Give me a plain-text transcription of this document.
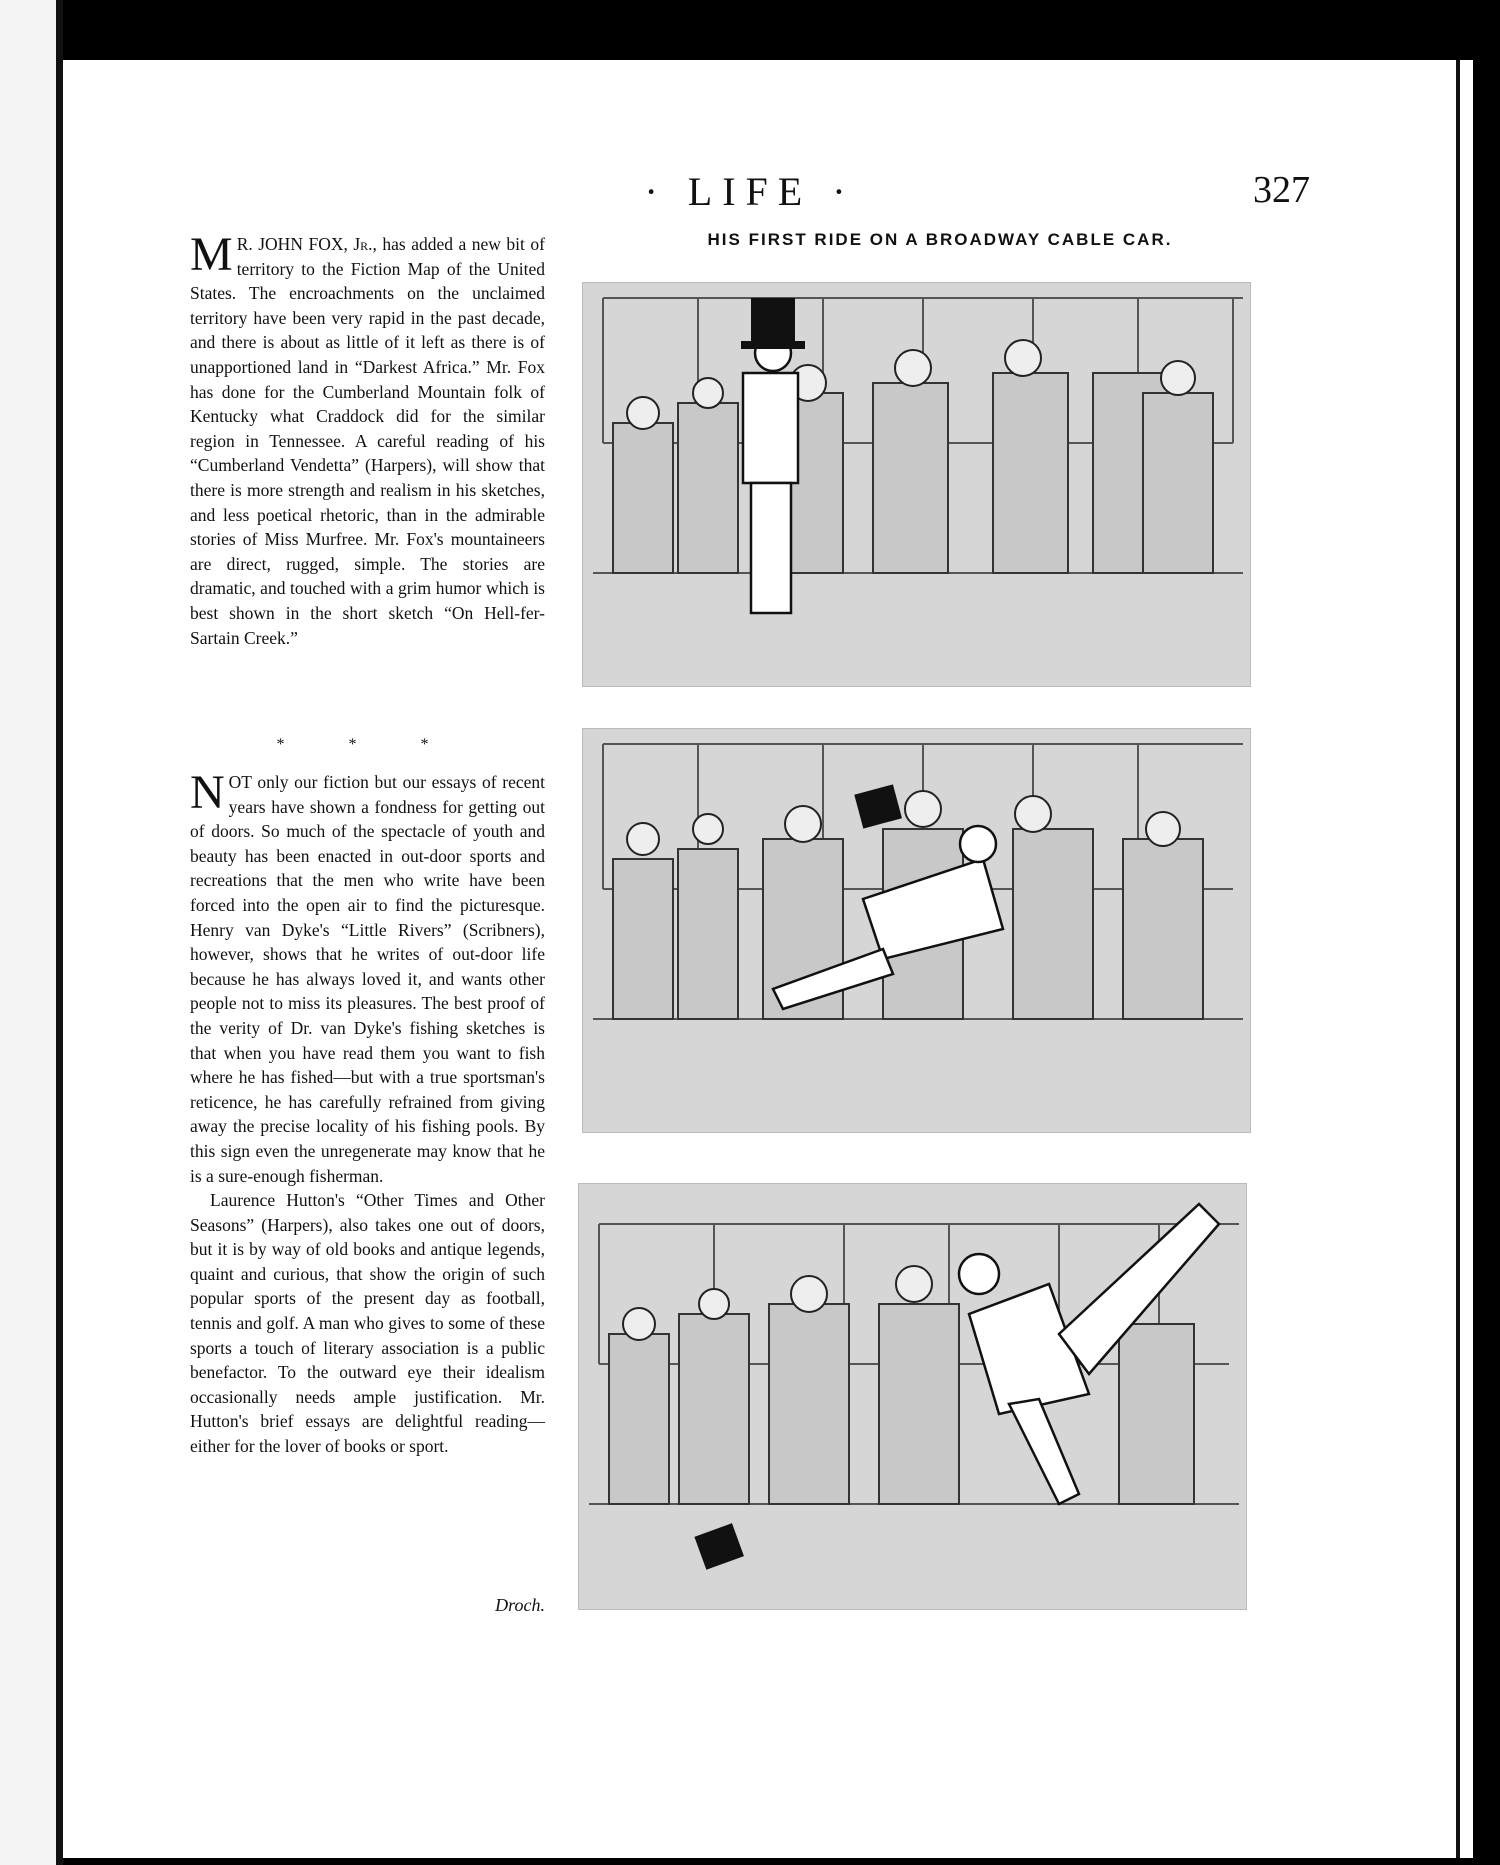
· LIFE ·	327
HIS FIRST RIDE ON A BROADWAY CABLE CAR.

M R. JOHN FOX, Jr., has added a new bit of territory to the Fiction Map of the United States. The encroachments on the unclaimed territory have been very rapid in the past decade, and there is about as little of it left as there is of unapportioned land in “Darkest Africa.” Mr. Fox has done for the Cumberland Mountain folk of Kentucky what Craddock did for the similar region in Tennessee. A careful reading of his “Cumberland Vendetta” (Harpers), will show that there is more strength and realism in his sketches, and less poetical rhetoric, than in the admirable stories of Miss Murfree. Mr. Fox's mountaineers are direct, rugged, simple. The stories are dramatic, and touched with a grim humor which is best shown in the short sketch “On Hell-fer-Sartain Creek.”

* * *

NOT only our fiction but our essays of recent years have shown a fondness for getting out of doors. So much of the spectacle of youth and beauty has been enacted in out-door sports and recreations that the men who write have been forced into the open air to find the picturesque. Henry van Dyke's “Little Rivers” (Scribners), however, shows that he writes of out-door life because he has always loved it, and wants other people not to miss its pleasures. The best proof of the verity of Dr. van Dyke's fishing sketches is that when you have read them you want to fish where he has fished—but with a true sportsman's reticence, he has carefully refrained from giving away the precise locality of his fishing pools. By this sign even the unregenerate may know that he is a sure-enough fisherman.

Laurence Hutton's “Other Times and Other Seasons” (Harpers), also takes one out of doors, but it is by way of old books and antique legends, quaint and curious, that show the origin of such popular sports of the present day as football, tennis and golf. A man who gives to some of these sports a touch of literary association is a public benefactor. To the outward eye their idealism occasionally needs ample justification. Mr. Hutton's brief essays are delightful reading—either for the lover of books or sport.

Droch.
comicbooks.com
